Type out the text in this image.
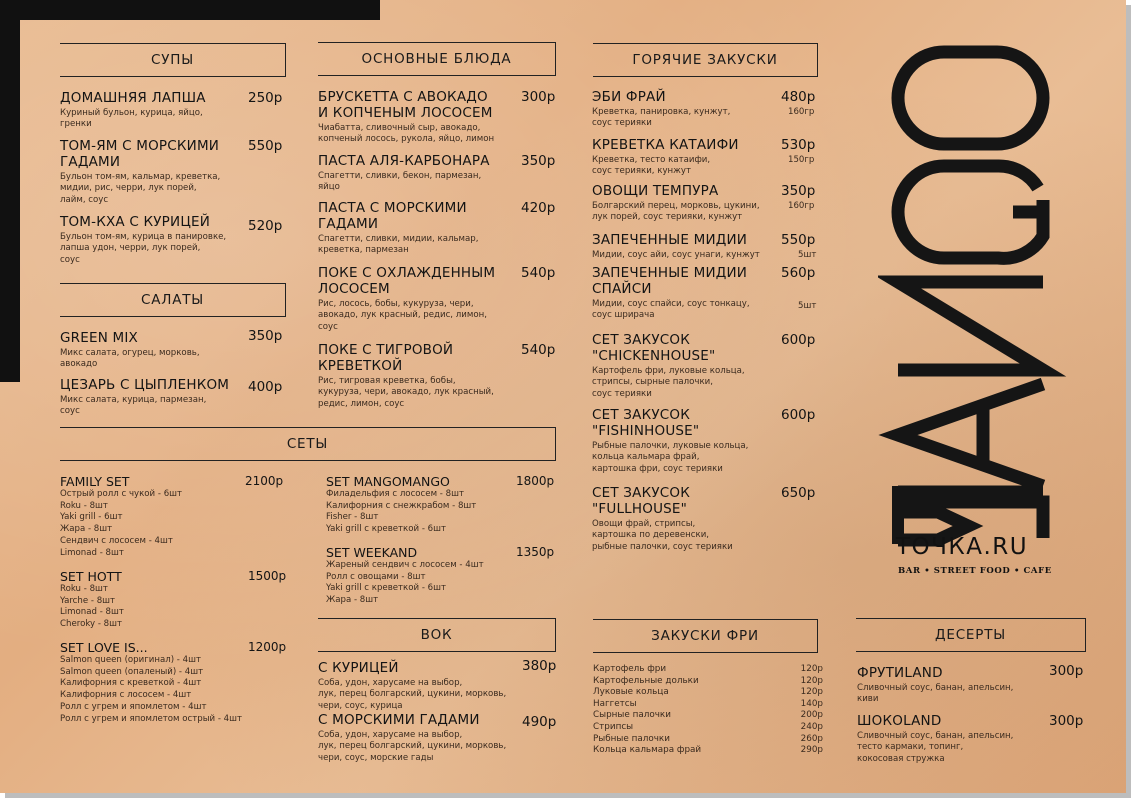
СУПЫ
САЛАТЫ
ОСНОВНЫЕ БЛЮДА	ГОРЯЧИЕ ЗАКУСКИ
СЕТЫ
ВОК	ЗАКУСКИ ФРИ	ДЕСЕРТЫ
ДОМАШНЯЯ ЛАПША	250р
Куриный бульон, курица, яйцо,
гренки
ТОМ-ЯМ С МОРСКИМИ
ГАДАМИ
550р
Бульон том-ям, кальмар, креветка,
мидии, рис, черри, лук порей,
лайм, соус
ТОМ-КХА С КУРИЦЕЙ	520р
Бульон том-ям, курица в панировке,
лапша удон, черри, лук порей,
соус
GREEN MIX	350р
Микс салата, огурец, морковь,
авокадо
ЦЕЗАРЬ С ЦЫПЛЕНКОМ	400р
Микс салата, курица, пармезан,
соус
БРУСКЕТТА С АВОКАДО
И КОПЧЕНЫМ ЛОСОСЕМ
300р
Чиабатта, сливочный сыр, авокадо,
копченый лосось, рукола, яйцо, лимон
ПАСТА АЛЯ-КАРБОНАРА	350р
Спагетти, сливки, бекон, пармезан,
яйцо
ПАСТА С МОРСКИМИ
ГАДАМИ
420р
Спагетти, сливки, мидии, кальмар,
креветка, пармезан
ПОКЕ С ОХЛАЖДЕННЫМ
ЛОСОСЕМ
540р
Рис, лосось, бобы, кукуруза, чери,
авокадо, лук красный, редис, лимон,
соус
ПОКЕ С ТИГРОВОЙ
КРЕВЕТКОЙ
540р
Рис, тигровая креветка, бобы,
кукуруза, чери, авокадо, лук красный,
редис, лимон, соус
ЭБИ ФРАЙ	480р
160гр
Креветка, панировка, кунжут,
соус терияки
КРЕВЕТКА КАТАИФИ	530р
150гр
Креветка, тесто катаифи,
соус терияки, кунжут
ОВОЩИ ТЕМПУРА	350р
160гр
Болгарский перец, морковь, цукини,
лук порей, соус терияки, кунжут
ЗАПЕЧЕННЫЕ МИДИИ	550р
5шт
Мидии, соус айи, соус унаги, кунжут
ЗАПЕЧЕННЫЕ МИДИИ
СПАЙСИ
560р
5шт
Мидии, соус спайси, соус тонкацу,
соус шрирача
СЕТ ЗАКУСОК
"CHICKENHOUSE"
600р
Картофель фри, луковые кольца,
стрипсы, сырные палочки,
соус терияки
СЕТ ЗАКУСОК
"FISHINHOUSE"
600р
Рыбные палочки, луковые кольца,
кольца кальмара фрай,
картошка фри, соус терияки
СЕТ ЗАКУСОК
"FULLHOUSE"
650р
Овощи фрай, стрипсы,
картошка по деревенски,
рыбные палочки, соус терияки
FAMILY SET	2100р
Острый ролл с чукой - 6шт
Roku - 8шт
Yaki grill - 6шт
Жара - 8шт
Сендвич с лососем - 4шт
Limonad - 8шт
SET HOTT	1500р
Roku - 8шт
Yarche - 8шт
Limonad - 8шт
Cheroky - 8шт
SET LOVE IS...	1200р
Salmon queen (оригинал) - 4шт
Salmon queen (опаленый) - 4шт
Калифорния с креветкой - 4шт
Калифорния с лососем - 4шт
Ролл с угрем и япомлетом - 4шт
Ролл с угрем и япомлетом острый - 4шт
SET MANGOMANGO	1800р
Филадельфия с лососем - 8шт
Калифорния с снежкрабом - 8шт
Fisher - 8шт
Yaki grill с креветкой - 6шт
SET WEEKAND	1350р
Жареный сендвич с лососем - 4шт
Ролл с овощами - 8шт
Yaki grill с креветкой - 6шт
Жара - 8шт
С КУРИЦЕЙ	380р
Соба, удон, харусаме на выбор,
лук, перец болгарский, цукини, морковь,
чери, соус, курица
С МОРСКИМИ ГАДАМИ	490р
Соба, удон, харусаме на выбор,
лук, перец болгарский, цукини, морковь,
чери, соус, морские гады
Картофель фри	120р
Картофельные дольки	120р
Луковые кольца	120р
Наггетсы	140р
Сырные палочки	200р
Стрипсы	240р
Рыбные палочки	260р
Кольца кальмара фрай	290р
ФРУТИLAND	300р
Сливочный соус, банан, апельсин,
киви
ШОКОLAND	300р
Сливочный соус, банан, апельсин,
тесто кармаки, топинг,
кокосовая стружка
ТОЧКА.RU
BAR • STREET FOOD • CAFE
